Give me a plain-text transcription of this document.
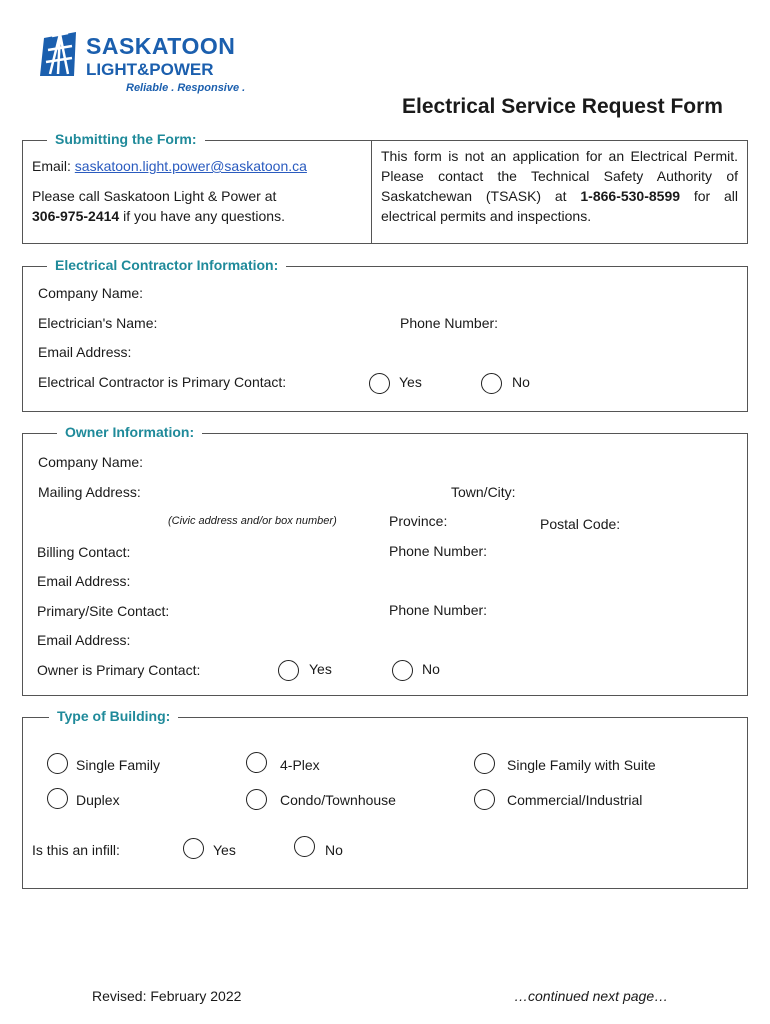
SASKATOON
LIGHT&POWER
Reliable . Responsive .
Electrical Service Request Form
Submitting the Form:
Email: saskatoon.light.power@saskatoon.ca
Please call Saskatoon Light & Power at
306-975-2414 if you have any questions.
This form is not an application for an Electrical Permit. Please contact the Technical Safety Authority of Saskatchewan (TSASK) at 1-866-530-8599 for all electrical permits and inspections.
Electrical Contractor Information:
Company Name:
Electrician's Name:	Phone Number:
Email Address:
Electrical Contractor is Primary Contact:	Yes	No
Owner Information:
Company Name:
Mailing Address:	Town/City:
(Civic address and/or box number)	Province:	Postal Code:
Billing Contact:	Phone Number:
Email Address:
Primary/Site Contact:	Phone Number:
Email Address:
Owner is Primary Contact:	Yes	No
Type of Building:
Single Family	4-Plex	Single Family with Suite
Duplex	Condo/Townhouse	Commercial/Industrial
Is this an infill:	Yes	No
Revised: February 2022	…continued next page…
